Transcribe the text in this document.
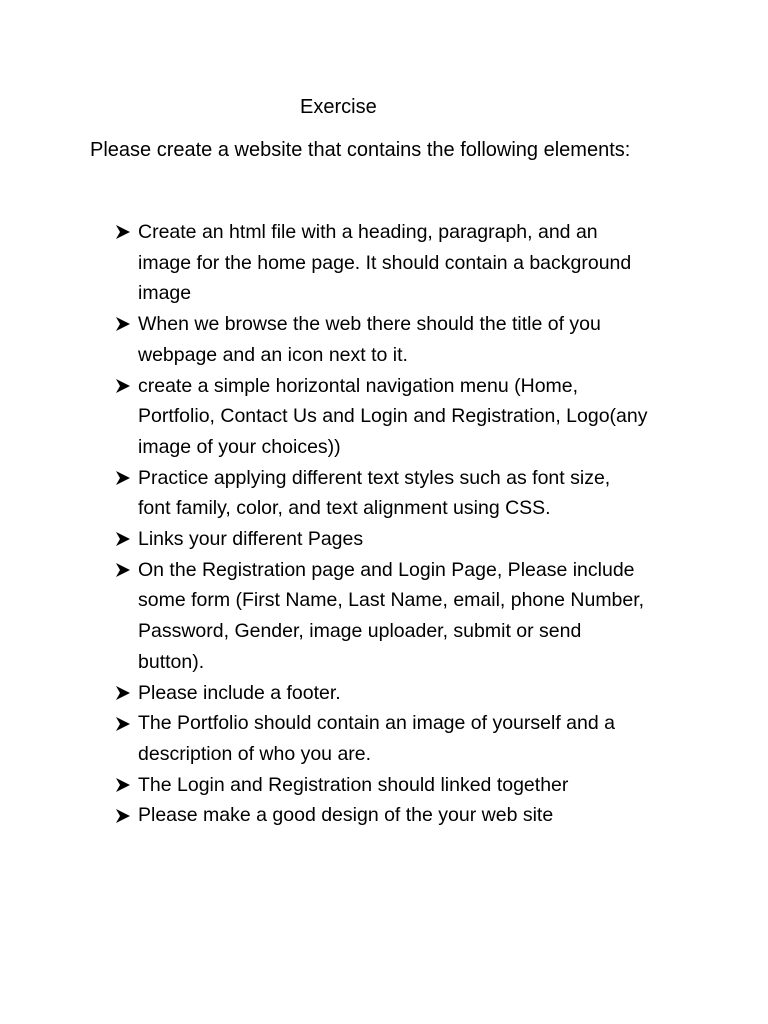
Exercise
Please create a website that contains the following elements:
Create an html file with a heading, paragraph, and an
image for the home page. It should contain a background
image
When we browse the web there should the title of you
webpage and an icon next to it.
create a simple horizontal navigation menu (Home,
Portfolio, Contact Us and Login and Registration, Logo(any
image of your choices))
Practice applying different text styles such as font size,
font family, color, and text alignment using CSS.
Links your different Pages
On the Registration page and Login Page, Please include
some form (First Name, Last Name, email, phone Number,
Password, Gender, image uploader, submit or send
button).
Please include a footer.
The Portfolio should contain an image of yourself and a
description of who you are.
The Login and Registration should linked together
Please make a good design of the your web site
